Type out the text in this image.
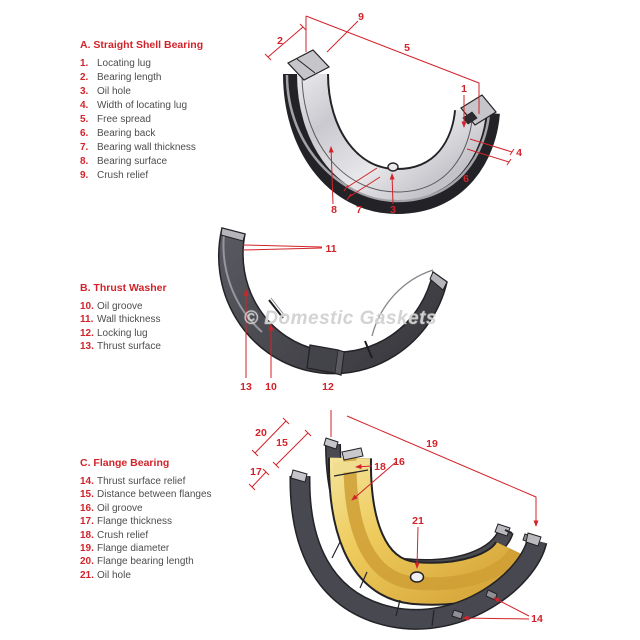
9
2
5
1
4
6
8 7	3
11
13 10	12
20
15
17
19
18 16
21
14
© Domestic Gaskets
A. Straight Shell Bearing
1. Locating lug
2. Bearing length
3. Oil hole
4. Width of locating lug
5. Free spread
6. Bearing back
7. Bearing wall thickness
8. Bearing surface
9. Crush relief
B. Thrust Washer
10. Oil groove
11. Wall thickness
12. Locking lug
13. Thrust surface
C. Flange Bearing
14. Thrust surface relief
15. Distance between flanges
16. Oil groove
17. Flange thickness
18. Crush relief
19. Flange diameter
20. Flange bearing length
21. Oil hole
